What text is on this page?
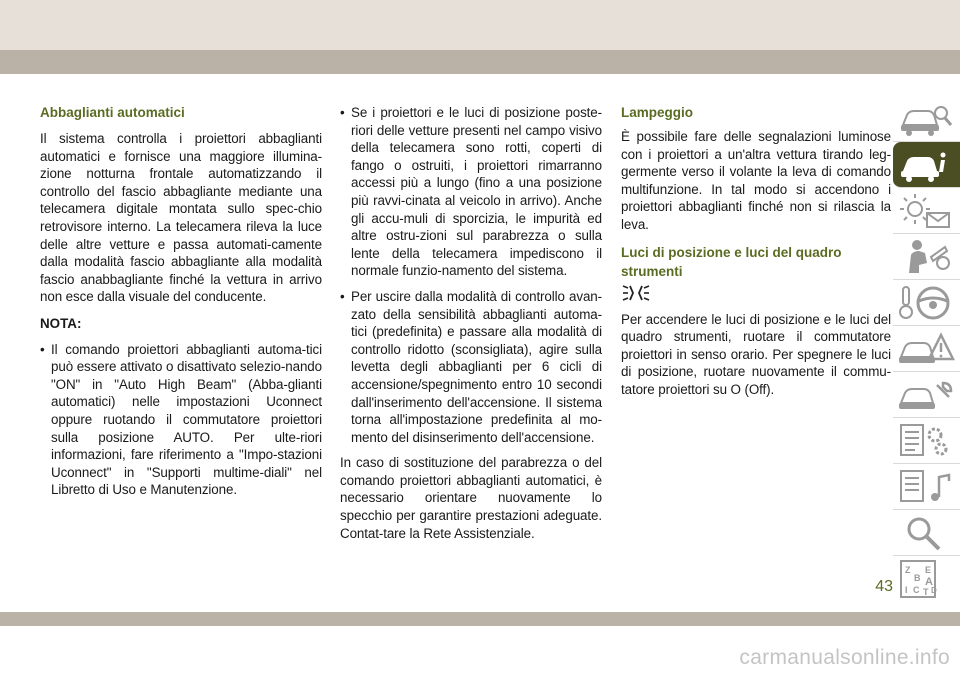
Abbaglianti automatici

Il sistema controlla i proiettori abbaglianti automatici e fornisce una maggiore illumina-zione notturna frontale automatizzando il controllo del fascio abbagliante mediante una telecamera digitale montata sullo spec-chio retrovisore interno. La telecamera rileva la luce delle altre vetture e passa automati-camente dalla modalità fascio abbagliante alla modalità fascio anabbagliante finché la vettura in arrivo non esce dalla visuale del conducente.

NOTA:

• Il comando proiettori abbaglianti automa-tici può essere attivato o disattivato selezio-nando "ON" in "Auto High Beam" (Abba-glianti automatici) nelle impostazioni Uconnect oppure ruotando il commutatore proiettori sulla posizione AUTO. Per ulte-riori informazioni, fare riferimento a "Impo-stazioni Uconnect" in "Supporti multime-diali" nel Libretto di Uso e Manutenzione.

• Se i proiettori e le luci di posizione poste-riori delle vetture presenti nel campo visivo della telecamera sono rotti, coperti di fango o ostruiti, i proiettori rimarranno accessi più a lungo (fino a una posizione più ravvi-cinata al veicolo in arrivo). Anche gli accu-muli di sporcizia, le impurità ed altre ostru-zioni sul parabrezza o sulla lente della telecamera impediscono il normale funzio-namento del sistema.

• Per uscire dalla modalità di controllo avan-zato della sensibilità abbaglianti automa-tici (predefinita) e passare alla modalità di controllo ridotto (sconsigliata), agire sulla levetta degli abbaglianti per 6 cicli di accensione/spegnimento entro 10 secondi dall'inserimento dell'accensione. Il sistema torna all'impostazione predefinita al mo-mento del disinserimento dell'accensione.

In caso di sostituzione del parabrezza o del comando proiettori abbaglianti automatici, è necessario orientare nuovamente lo specchio per garantire prestazioni adeguate. Contat-tare la Rete Assistenziale.

Lampeggio

È possibile fare delle segnalazioni luminose con i proiettori a un'altra vettura tirando leg-germente verso il volante la leva di comando multifunzione. In tal modo si accendono i proiettori abbaglianti finché non si rilascia la leva.

Luci di posizione e luci del quadro strumenti

Per accendere le luci di posizione e le luci del quadro strumenti, ruotare il commutatore proiettori in senso orario. Per spegnere le luci di posizione, ruotare nuovamente il commu-tatore proiettori su O (Off).

Z
B
E
I C
A
T D
43
carmanualsonline.info
